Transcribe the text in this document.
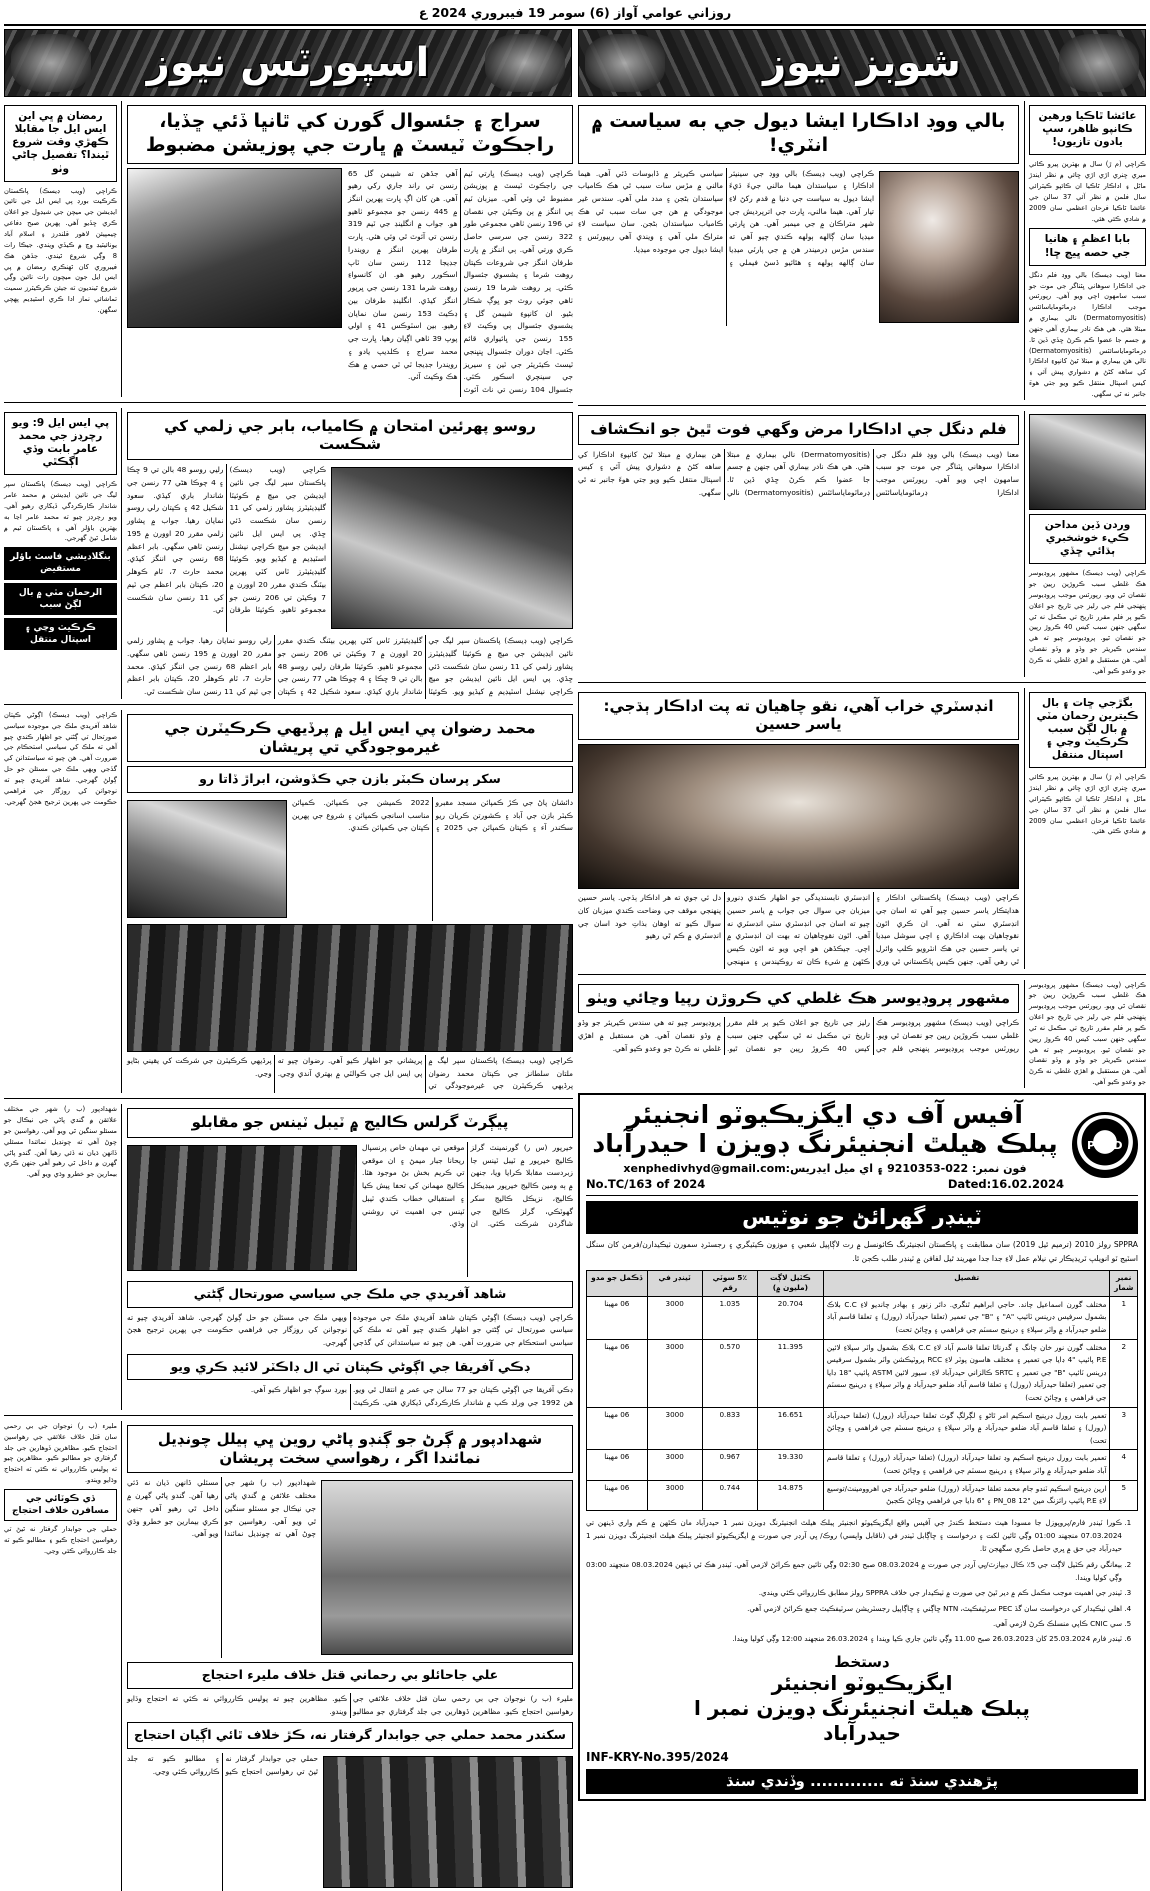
روزاني عوامي آواز (6) سومر 19 فيبروري 2024 ع
شوبز نيوز
اسپورٽس نيوز
عائشا ٿاڪيا ورهين ڪانپو ظاهر، سڀ يادون تازيون!
ڪراچي (م ڙ) سال ۾ بهترين پيرو ڪائي ميري ڇنري اڙي اڙي ڇائي ۾ نظر ايندڙ ماڻل ۽ اداڪار ٿاڪيا ان ڪائپو ڪيٽرائي سال فلمن ۾ نظر آئي 37 سالن جي عائشا ٿاڪيا فرحان اعظمي سان 2009 ۾ شادي ڪئي هئي.
بابا اعظمِ ۽ هانيا جي حصه ڀيڄ ڇا!
معنا (ويب ڊيسڪ) بالي ووڊ فلم دنگل جي اداڪارا سوهاني ڀٽناگر جي موت جو سبب سامهون اچي ويو آهي. رپورٽس موجب اداڪارا ڊرماٽوماياسائٽس (Dermatomyositis) نالي بيماري ۾ مبتلا هئي. هي هڪ نادر بيماري آهي جنهن ۾ جسم جا عضوا ڪم ڪرڻ ڇڏي ڏين ٿا. ڊرماٽوماياسائٽس (Dermatomyositis) نالي هن بيماري ۾ مبتلا ٿيڻ کانپوءِ اداڪارا کي ساهه کڻڻ ۾ دشواري پيش آئي ۽ کيس اسپتال منتقل ڪيو ويو جتي هوءَ جانبر نه ٿي سگهي.
بالي ووڊ اداڪارا ايشا ديول جي به سياست ۾ انٽري!
ڪراچي (ويب ڊيسڪ) بالي ووڊ جي سينيئر اداڪارا ۽ سياستدان هيما مالني جيءَ ڌيءَ ايشا ديول به سياست جي دنيا ۾ قدم رکڻ لاءِ تيار آهي. هيما مالني، ڀارت جي اترپرديش جي شهر متراڪان ۾ جي ميمبر آهي. هن ڀارتي ميڊيا سان ڳالهه ٻولهه ڪندي چيو آهي ته سندس مڙس ڊرميندر هن ۾ جي پارٽي ميڊيا سان ڳالهه ٻولهه ۽ هٿائيو ڏسڻ فيملي ۽ سياسي ڪيريئر ۾ ڏابوسات ڏئي آهي. هيما مالني ۾ مڙس سات سبب ٿي هڪ ڪامياب سياستدان بڻجن ۽ مدد ملي آهي. سندس غير موجودگي ۾ هن جي سات سبب ٿي هڪ ڪامياب سياستدان بڻجن. سان سياست لاءِ متراڪ ملي آهي ۽ ويندي آهي ريپورٽس ۽ ايشا ديول جي موجوده ميڊيا.
وردن ڏين مداحن ڪيء خوشخبري ٻڌائي ڇڏي
ڪراچي (ويب ڊيسڪ) مشهور پروڊيوسر هڪ غلطي سبب ڪروڙين رپين جو نقصان ٿي ويو. رپورٽس موجب پروڊيوسر پنهنجي فلم جي رليز جي تاريخ جو اعلان ڪيو پر فلم مقرر تاريخ تي مڪمل نه ٿي سگهي جنهن سبب کيس 40 ڪروڙ رپين جو نقصان ٿيو. پروڊيوسر چيو ته هي سندس ڪيريئر جو وڏو ۾ وڏو نقصان آهي. هن مستقبل ۾ اهڙي غلطي نه ڪرڻ جو وعدو ڪيو آهي.
فلم دنگل جي اداڪارا مرض وگهي فوت ٿيڻ جو انڪشاف
معنا (ويب ڊيسڪ) بالي ووڊ فلم دنگل جي اداڪارا سوهاني ڀٽناگر جي موت جو سبب سامهون اچي ويو آهي. رپورٽس موجب اداڪارا ڊرماٽوماياسائٽس (Dermatomyositis) نالي بيماري ۾ مبتلا هئي. هي هڪ نادر بيماري آهي جنهن ۾ جسم جا عضوا ڪم ڪرڻ ڇڏي ڏين ٿا. ڊرماٽوماياسائٽس (Dermatomyositis) نالي هن بيماري ۾ مبتلا ٿيڻ کانپوءِ اداڪارا کي ساهه کڻڻ ۾ دشواري پيش آئي ۽ کيس اسپتال منتقل ڪيو ويو جتي هوءَ جانبر نه ٿي سگهي.
بگڙجي ڇات ۽ بال ڪيترين رحمان مٽي ۾ بال لڳڻ سبب ڪرڪيٽ وڃي ۽ اسپتال منتقل
ڪراچي (م ڙ) سال ۾ بهترين پيرو ڪائي ميري ڇنري اڙي اڙي ڇائي ۾ نظر ايندڙ ماڻل ۽ اداڪار ٿاڪيا ان ڪائپو ڪيٽرائي سال فلمن ۾ نظر آئي 37 سالن جي عائشا ٿاڪيا فرحان اعظمي سان 2009 ۾ شادي ڪئي هئي.
انڊسٽري خراب آهي، نقو چاهيان ته پت اداڪار ٻڌجي: ياسر حسين
ڪراچي (ويب ڊيسڪ) پاڪستاني اداڪار ۽ هدايتڪار ياسر حسين چيو آهي ته اسان جي انڊسٽري سٺي نه آهي. ان ڪري اٿون نقوچاهيان بهت اداڪاري ۽ اچي سوشل ميڊيا تي ياسر حسين جي هڪ انٽرويو ڪلپ وائرل ٿي رهي آهي. جنهن ڪيس پاڪستاني ٿي وري انڊسٽري نابسنديدگي جو اظهار ڪندي ڊنورو ميزبان جي سوال جي جواب ۾ ياسر حسين چيو ته اسان جي انڊسٽري سٺي انڊسٽري نه آهي. اٿون نقوچاهيان ته بهت ان انڊسٽري ۾ اچي. جيڪڏهن هو اچي ويو ته اٿون ڪيس ڪٿهن ۾ شيءِ ڪان ته روڪيندس ۽ منهنجي دل ئي جوي ته هر اداڪار ٻڌجي. ياسر حسين پنهنجي موقف جي وضاحت ڪندي ميزبان کان سوال ڪيو ته اوهان بذاتِ خود اسان جي انڊسٽري ۾ ڪم ٿي رهيو
ڪراچي (ويب ڊيسڪ) مشهور پروڊيوسر هڪ غلطي سبب ڪروڙين رپين جو نقصان ٿي ويو. رپورٽس موجب پروڊيوسر پنهنجي فلم جي رليز جي تاريخ جو اعلان ڪيو پر فلم مقرر تاريخ تي مڪمل نه ٿي سگهي جنهن سبب کيس 40 ڪروڙ رپين جو نقصان ٿيو. پروڊيوسر چيو ته هي سندس ڪيريئر جو وڏو ۾ وڏو نقصان آهي. هن مستقبل ۾ اهڙي غلطي نه ڪرڻ جو وعدو ڪيو آهي.
مشهور پروڊيوسر هڪ غلطي کي ڪروڙن رپيا وڃائي ويٺو
ڪراچي (ويب ڊيسڪ) مشهور پروڊيوسر هڪ غلطي سبب ڪروڙين رپين جو نقصان ٿي ويو. رپورٽس موجب پروڊيوسر پنهنجي فلم جي رليز جي تاريخ جو اعلان ڪيو پر فلم مقرر تاريخ تي مڪمل نه ٿي سگهي جنهن سبب کيس 40 ڪروڙ رپين جو نقصان ٿيو. پروڊيوسر چيو ته هي سندس ڪيريئر جو وڏو ۾ وڏو نقصان آهي. هن مستقبل ۾ اهڙي غلطي نه ڪرڻ جو وعدو ڪيو آهي.
PHED
آفيس آف دي ايگزيڪيوٽو انجنيئر
پبلڪ هيلٿ انجنيئرنگ ڊويزن ا حيدرآباد
فون نمبر: 022-9210353 ۽ اي ميل ايڊريس:xenphedivhyd@gmail.com
No.TC/163 of 2024	Dated:16.02.2024
ٽينڊر گهرائڻ جو نوٽيس
SPPRA رولز 2010 (ترميم ٿيل 2019) سان مطابقت ۽ پاڪستان انجنيئرنگ ڪائونسل ۾ رت لاڳاپيل شعبي ۽ موزون ڪيٽيگري ۽ رجسٽرڊ سمورن ٺيڪيدارن/فرمن کان سنگل اسٽيج ٽو انويلپ ٽريڊيڪار تي نيلام عمل لاءِ جدا جدا مهريند ٿيل لفافن ۾ ٽينڊر طلب ڪجن ٿا.
نمبر شمار	تفصيل	ڪٽيل لاڳت (مليون ۾)	5٪ سوٽي رقم	ٽينڊر في	ڏڪمل جو مدو
1	مختلف گورن اسماعيل چاند. حاجي ابراهيم ٿنگري. دائر زنور ۽ بهادر چانديو لاءِ C.C بلاڪ بشمول سرفيس ڊرينس ٽائيپ "A" ۽ "B" جي تعمير (تعلقا حيدرآباد (رورل) ۽ تعلقا قاسم آباد ضلعو حيدرآباد ۾ واٽر سپلاءِ ۽ ڊرينيج سسٽم جي فراهمي ۽ وڇائڻ تحت)	20.704	1.035	3000	06 مهينا
2	مختلف گورن نور خان چانگ ۽ گدرناٿا تعلقا قاسم آباد لاءِ C.C بلاڪ بشمول واٽر سپلاءِ لائين P.E پائيپ "4 ڊايا جي تعمير ۽ مختلف هاسون پوٽر لاءِ RCC پروٽيڪشن واٽر بشمول سرفيس ڊرينس ٽائيپ "B" جي تعمير ۽ SRTC ڪالزاني حيدرآباد لاءِ. سيور لائين ASTM پائيپ "18 ڊايا جي تعمير (تعلقا حيدرآباد (رورل) ۽ تعلقا قاسم آباد ضلعو حيدرآباد ۾ واٽر سپلاءِ ۽ ڊرينيج سسٽم جي فراهمي ۽ وڇائڻ تحت)	11.395	0.570	3000	06 مهينا
3	تعمير بابت رورل ڊرينيج اسڪيم امر ٿاڻو ۽ لڳرلڳ گوٽ تعلقا حيدرآباد (رورل) (تعلقا حيدرآباد (رورل) ۽ تعلقا قاسم آباد ضلعو حيدرآباد ۾ واٽر سپلاءِ ۽ ڊرينيج سسٽم جي فراهمي ۽ وڇائڻ تحت)	16.651	0.833	3000	06 مهينا
4	تعمير بابت رورل ڊرينيج اسڪيم وڊ تعلقا حيدرآباد (رورل) (تعلقا حيدرآباد (رورل) ۽ تعلقا قاسم آباد ضلعو حيدرآباد ۾ واٽر سپلاءِ ۽ ڊرينيج سسٽم جي فراهمي ۽ وڇائڻ تحت)	19.330	0.967	3000	06 مهينا
5	ارين ڊرينيج اسڪيم ٽنڊو جام محمد تعلقا حيدرآباد (رورل) ضلعو حيدرآباد جي اهروومينٽ/توسيع لاءِ P.E پائيپ رائزنگ مين "PN_08 12 ۽ "6 ڊايا جي فراهمي وڇائڻ ڪجبڻ	14.875	0.744	3000	06 مهينا
1. ڪورا ٽينڊر فارم/پروپوزل جا مسودا هيٺ دستخط ڪندڙ جي آفيس واقع ايگزيڪيوٽو انجنيئر پبلڪ هيلٿ انجنيئرنگ ڊويزن نمبر 1 حيدرآباد مان ڪٿهن ۾ ڪم واري ڏينهن تي 07.03.2024 منجهند 01:00 وڳي ٿائين لکت ۽ درخواست ۽ ڇاڳابل ٽينڊر في (ناقابل واپسي) روڪ/ ڀي آرڊر جي صورت ۾ ايگزيڪيوٽو انجنيئر پبلڪ هيلٿ انجنيئرنگ ڊويزن نمبر 1 حيدرآباد جي حق ۾ ڀري حاصل ڪري سگهجن ٿا.
2. بيعانگي رقم ڪٽيل لاڳت جي 5٪ ڪال ڊيپازٽ/ڀي آرڊر جي صورت ۾ 08.03.2024 صبح 02:30 وڳي تائين جمع ڪرائڻ لازمي آهي. ٽينڊر هڪ ئي ڏينهن 08.03.2024 منجهند 03:00 وڳي کوليا ويندا.
3. ٽينڊر جي اهميت موجب مڪمل ڪم ۾ دير ٿيڻ جي صورت ۾ ٺيڪيدار جي خلاف SPPRA رولز مطابق ڪارروائي ڪئي ويندي.
4. اهلي ٺيڪيدار کي درخواست سان گڏ PEC سرٽيفڪيٽ، NTN ڇاڳني ۽ ڇاڳاپيل رجسٽريشن سرٽيفڪيٽ جمع ڪرائڻ لازمي آهي.
5. سي CNIC ڪاپي منسلڪ ڪرڻ لازمي آهي.
6. ٽينڊر فارم 25.03.2024 کان 26.03.2023 صبح 11.00 وڳي تائين جاري ڪيا ويندا ۽ 26.03.2024 منجهند 12:00 وڳي کوليا ويندا.
دستخط
ايگزيڪيوٽو انجنيئر
پبلڪ هيلٿ انجنيئرنگ ڊويزن نمبر ا
حيدرآباد
INF-KRY-No.395/2024
پڙهندي سنڌ ته ............. وڏندي سنڌ
سراج ۽ جئسوال گورن کي ٿانڀا ڏئي ڇڏيا، راجڪوٽ ٽيسٽ ۾ ڀارت جي پوزيشن مضبوط
ڪراچي (ويب ڊيسڪ) ڀارتي ٽيم جي راجڪوٽ ٽيسٽ ۾ پوزيشن مضبوط ٿي وئي آهي. ميزبان ٽيم ٻي اننگز ۾ ٻن وڪيٽن جي نقصان تي 196 رنسن ٺاهي مجموعي طور 322 رنسن جي سرسي حاصل ڪري ورتي آهي. ٻي اننگز ۾ ڀارت طرفان اننگز جي شروعات ڪپتان روهت شرما ۽ يشسوي جئسوال ڪئي. پر روهت شرما 19 رنسن ٺاهي جوئي روٽ جو ڀوڳ شڪار بڻيو. ان کانپوءِ شيبمن گل ۽ يشسوي جئسوال ٻي وڪيٽ لاءِ 155 رنسن جي ڀائيواري قائم ڪئي. اڃان دوران جئسوال ڀنڀنجي ٽيسٽ ڪيئريئر جي ٽين ۽ سيريز جي سينچري اسڪور ڪئي. جئسوال 104 رنسن تي ناٽ آئوٽ آهي جڏهن ته شيبمن گل 65 رنسن تي راند جاري رکي رهيو آهي. هن کان اڳ ڀارت پهرين اننگز ۾ 445 رنسن جو مجموعو ٺاهيو هو. جواب ۾ انگلينڊ جي ٽيم 319 رنسن تي آئوٽ ٿي وئي هئي. ڀارت طرفان پهرين اننگز ۾ رويندرا جڊيجا 112 رنسن سان ٽاپ اسڪورر رهيو هو. ان کانسواءِ روهت شرما 131 رنسن جي ڀرپور اننگز کيڏي. انگلينڊ طرفان بين ڊڪيٽ 153 رنسن سان نمايان رهيو. بين اسٽوڪس 41 ۽ اولي پوپ 39 ٺاهي اڳيان رهيا. ڀارت جي محمد سراج ۽ ڪلديپ يادو ۽ رويندرا جڊيجا ٽي ٽي حصي ۾ هڪ هڪ وڪيٽ آئي.
رمضان ۾ ڀي اين ايس ايل جا مقابلا ڪهڙي وقت شروع ٿيندا؟ تفصيل ڄاڻي وٺو
ڪراچي (ويب ڊيسڪ) پاڪستان ڪرڪيٽ بورڊ پي ايس ايل جي نائين ايڊيشن جي ميچن جي شيڊول جو اعلان ڪري ڇڏيو آهي. پهرين صبح دفاعي چيمپيئن لاهور قلندرز ۽ اسلام آباد يونائيٽيڊ وچ ۾ ڪيڏي ويندي. جيڪا رات 8 وڳي شروع ٿيندي. جڏهن هڪ فيبروري کان ٿهنڪري رمضان ۾ پي ايس ايل جون ميچون رات نائين وڳي شروع ٿينديون ته جيئن ڪرڪيٽرز سميت تماشائي نماز ادا ڪري اسٽيڊيم پهچي سگهن.
روسو پهرئين امتحان ۾ ڪامياب، بابر جي زلمي کي شڪست
ڪراچي (ويب ڊيسڪ) پاڪستان سپر ليگ جي نائين ايڊيشن جي ميچ ۾ ڪوئيٽا گليڊيئيٽرز پشاور زلمي کي 11 رنسن سان شڪست ڏئي ڇڏي. پي ايس ايل نائين ايڊيشن جو ميچ ڪراچي نيشنل اسٽيڊيم ۾ کيڏيو ويو. ڪوئيٽا گليڊيئيٽرز ٽاس کٽي پهرين بيٽنگ ڪندي مقرر 20 اوورن ۾ 7 وڪيٽن تي 206 رنسن جو مجموعو ٺاهيو. ڪوئيٽا طرفان رليي روسو 48 بالن تي 9 ڇڪا ۽ 4 چوڪا هڻي 77 رنسن جي شاندار باري کيڏي. سعود شڪيل 42 ۽ ڪپتان رلي روسو نمايان رهيا. جواب ۾ پشاور زلمي مقرر 20 اوورن ۾ 195 رنسن ٺاهي سگهي. بابر اعظم 68 رنسن جي اننگز کيڏي. محمد حارث 7، ٽام ڪوهلر 20، ڪپتان بابر اعظم جي ٽيم کي 11 رنسن سان شڪست ٿي.
ڪراچي (ويب ڊيسڪ) پاڪستان سپر ليگ جي نائين ايڊيشن جي ميچ ۾ ڪوئيٽا گليڊيئيٽرز پشاور زلمي کي 11 رنسن سان شڪست ڏئي ڇڏي. پي ايس ايل نائين ايڊيشن جو ميچ ڪراچي نيشنل اسٽيڊيم ۾ کيڏيو ويو. ڪوئيٽا گليڊيئيٽرز ٽاس کٽي پهرين بيٽنگ ڪندي مقرر 20 اوورن ۾ 7 وڪيٽن تي 206 رنسن جو مجموعو ٺاهيو. ڪوئيٽا طرفان رليي روسو 48 بالن تي 9 ڇڪا ۽ 4 چوڪا هڻي 77 رنسن جي شاندار باري کيڏي. سعود شڪيل 42 ۽ ڪپتان رلي روسو نمايان رهيا. جواب ۾ پشاور زلمي مقرر 20 اوورن ۾ 195 رنسن ٺاهي سگهي. بابر اعظم 68 رنسن جي اننگز کيڏي. محمد حارث 7، ٽام ڪوهلر 20، ڪپتان بابر اعظم جي ٽيم کي 11 رنسن سان شڪست ٿي.
پي ايس ايل 9: ويو رچرڊز جي محمد عامر بابت وڏي اڳڪٿي
ڪراچي (ويب ڊيسڪ) پاڪستان سپر ليگ جي نائين ايڊيشن ۾ محمد عامر شاندار ڪارڪردگي ڏيکاري رهيو آهي. ويو رچرڊز چيو ته محمد عامر اڃا به بهترين باؤلر آهي ۽ پاڪستان ٽيم ۾ شامل ٿيڻ گهرجي.
بنگلاديشي فاسٽ باؤلر مستفيض
الرحمان مٽي ۾ بال لڳڻ سبب
ڪرڪيٽ وڃي ۽ اسپتال منتقل
محمد رضوان پي ايس ايل ۾ پرڏيهي ڪرڪيٽرن جي غيرموجودگي تي پريشان
سکر پرسان ڪبٽر بازن جي ڪڏوشن، ابراڙ ڏاتا رو
دائشان پاڻ جي ڪڙ ڪمپائن مسجد مقبرو ڪبٽر بازن جي آباد ۽ ڪشورتن ڪريان ريو سڪندر آء ۽ ڪپتان ڪمپائن جي 2025 ۽ 2022 ڪميشن جي ڪمپائن. ڪمپائن مناسب اسانجي ڪمپائن ۽ شروع جي پهرين ڪپتان جي ڪمپائن ڪندي.
ڪراچي (ويب ڊيسڪ) پاڪستان سپر ليگ ۾ ملتان سلطانز جي ڪپتان محمد رضوان پرڏيهي ڪرڪيٽرن جي غيرموجودگي تي پريشاني جو اظهار ڪيو آهي. رضوان چيو ته پي ايس ايل جي ڪوالٽي ۾ بهتري آندي وڃي. پرڏيهي ڪرڪيٽرن جي شرڪت کي يقيني بڻايو وڃي.
ڪراچي (ويب ڊيسڪ) اڳوڻي ڪپتان شاهد آفريدي ملڪ جي موجوده سياسي صورتحال تي ڳڻتي جو اظهار ڪندي چيو آهي ته ملڪ کي سياسي استحڪام جي ضرورت آهي. هن چيو ته سياستدانن کي گڏجي ويهي ملڪ جي مسئلن جو حل ڳولڻ گهرجي. شاهد آفريدي چيو ته نوجوانن کي روزگار جي فراهمي حڪومت جي پهرين ترجيح هجڻ گهرجي.
پيڳرٽ گرلس ڪاليج ۾ ٽيبل ٽينس جو مقابلو
خيرپور (س ر) گورنمينٽ گرلز ڪاليج خيرپور ۾ ٽيبل ٽينس جا زبردست مقابلا ڪرايا ويا، جنهن ۾ ٻه ومين ڪاليج خيرپور ميڊيڪل ڪاليج، نزيڪل ڪاليج سکر گهوٽڪي، گرلز ڪاليج جي شاگردن شرڪت ڪئي. ان موقعي تي مهمان خاص پرنسپال ريحانا جبار ميمڻ ۽ ان موقعي تي ڪريم بخش بڻ موجود هئا. ڪاليج مهمانن کي تحفا پيش ڪيا ۽ استقبالي خطاب ڪندي ٽيبل ٽينس جي اهميت تي روشني وڌي.
شاهد آفريدي جي ملڪ جي سياسي صورتحال ڳڻتي
ڪراچي (ويب ڊيسڪ) اڳوڻي ڪپتان شاهد آفريدي ملڪ جي موجوده سياسي صورتحال تي ڳڻتي جو اظهار ڪندي چيو آهي ته ملڪ کي سياسي استحڪام جي ضرورت آهي. هن چيو ته سياستدانن کي گڏجي ويهي ملڪ جي مسئلن جو حل ڳولڻ گهرجي. شاهد آفريدي چيو ته نوجوانن کي روزگار جي فراهمي حڪومت جي پهرين ترجيح هجڻ گهرجي.
ڊڪي آفريقا جي اڳوڻي ڪپتان ٽي ال ڊاڪٽر لائيڊ ڪري ويو
ڊڪي آفريقا جي اڳوڻي ڪپتان جو 77 سالن جي عمر ۾ انتقال ٿي ويو. هن 1992 جي ورلڊ ڪپ ۾ شاندار ڪارڪردگي ڏيکاري هئي. ڪرڪيٽ بورڊ سوڳ جو اظهار ڪيو آهي.
شهدادپور (ب ر) شهر جي مختلف علائقن ۾ گندي پاڻي جي نيڪال جو مسئلو سنگين ٿي ويو آهي. رهواسين جو چوڻ آهي ته چونڊيل نمائندا مسئلي ڏانهن ڌيان نه ڏئي رهيا آهن. گندو پاڻي گهرن ۾ داخل ٿي رهيو آهي جنهن ڪري بيمارين جو خطرو وڌي ويو آهي.
شهدادپور ۾ ڳرڻ جو ڳنڊو پاڻي روين ڀي ٻيلل چونڊيل نمائندا اگر ، رهواسي سخت پريشان
شهدادپور (ب ر) شهر جي مختلف علائقن ۾ گندي پاڻي جي نيڪال جو مسئلو سنگين ٿي ويو آهي. رهواسين جو چوڻ آهي ته چونڊيل نمائندا مسئلي ڏانهن ڌيان نه ڏئي رهيا آهن. گندو پاڻي گهرن ۾ داخل ٿي رهيو آهي جنهن ڪري بيمارين جو خطرو وڌي ويو آهي.
علي جاحائلو بي رحماني قتل خلاف مليرء احتجاج
مليرء (ب ر) نوجوان جي بي رحمي سان قتل خلاف علائقي جي رهواسين احتجاج ڪيو. مظاهرين ڏوهارين جي جلد گرفتاري جو مطالبو ڪيو. مظاهرين چيو ته پوليس ڪارروائي نه ڪئي ته احتجاج وڌايو ويندو.
سکندر محمد حملي جي جوابدار گرفتار نه، ڪڙ خلاف ٿائي اڳيان احتجاج
حملي جي جوابدار گرفتار نه ٿيڻ تي رهواسين احتجاج ڪيو ۽ مطالبو ڪيو ته جلد ڪارروائي ڪئي وڃي.
مليرء (ب ر) نوجوان جي بي رحمي سان قتل خلاف علائقي جي رهواسين احتجاج ڪيو. مظاهرين ڏوهارين جي جلد گرفتاري جو مطالبو ڪيو. مظاهرين چيو ته پوليس ڪارروائي نه ڪئي ته احتجاج وڌايو ويندو.
ڏي ڪوٽائي جي مسافرن خلاف احتجاج
حملي جي جوابدار گرفتار نه ٿيڻ تي رهواسين احتجاج ڪيو ۽ مطالبو ڪيو ته جلد ڪارروائي ڪئي وڃي.
